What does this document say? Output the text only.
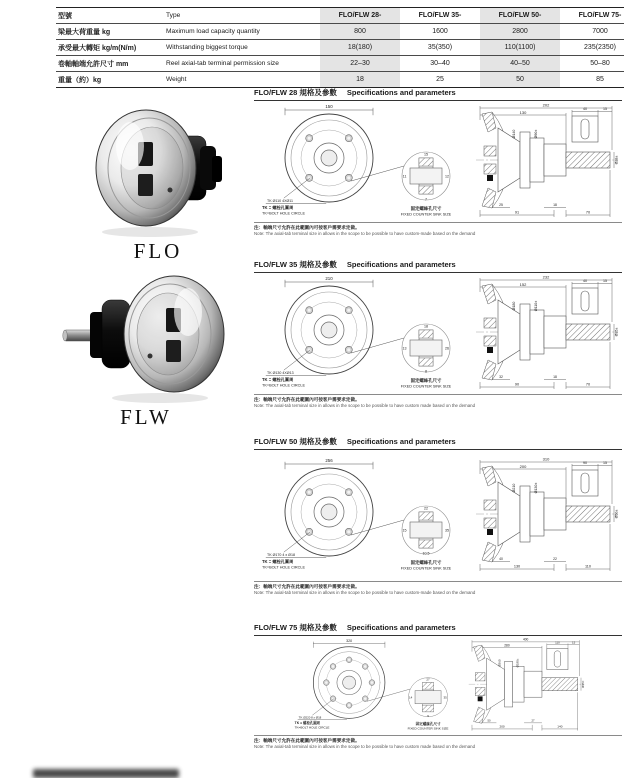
型號	Type	FLO/FLW 28-	FLO/FLW 35-	FLO/FLW 50-	FLO/FLW 75-
梁最大荷重量 kg	Maximum load capacity quantity	800	1600	2800	7000
承受最大轉矩 kg/m(N/m)	Withstanding biggest torque	18(180)	35(350)	110(1100)	235(2350)
卷軸軸端允許尺寸 mm	Reel axial-tab terminal permission size	22–30	30–40	40–50	50–80
重量（約）kg	Weight	18	25	50	85
FLO
FLW
FLO/FLW 28 規格及參數 Specifications and parameters
150
TK Ø110 4XØ11
TK = 螺栓孔圓周
TK=BOLT HOLE CIRCLE
15
11	12
7
固定螺絲孔尺寸
FIXED COUNTER SINK SIZE
202
130
40	15
Ø140	Ø90±
Ø28±
91	70
18
25
注：軸端尺寸允許在此範圍內可按客戶需要求定做。
Note: The axial-tab terminal size in allows in the scope to be possible to have custom-made based on the demand
FLO/FLW 35 規格及參數 Specifications and parameters
210
TK Ø130 4XØ13
TK = 螺栓孔圓周
TK=BOLT HOLE CIRCLE
18
13	26
8
固定螺絲孔尺寸
FIXED COUNTER SINK SIZE
232
152
40	15
Ø180	Ø110±
Ø35±
90	70
18
32
注：軸端尺寸允許在此範圍內可按客戶需要求定做。
Note: The axial-tab terminal size in allows in the scope to be possible to have custom made based on the demand
FLO/FLW 50 規格及參數 Specifications and parameters
256
TK Ø170 4 x Ø18
TK = 螺栓孔圓周
TK=BOLT HOLE CIRCLE
22
15	35
10.5
固定螺絲孔尺寸
FIXED COUNTER SINK SIZE
310
200
90	15
Ø210	Ø130±
Ø50±
130	110
22
40
注：軸端尺寸允許在此範圍內可按客戶需要求定做。
Note: The axial-tab terminal size in allows in the scope to be possible to have custom-made based on the demand
FLO/FLW 75 規格及參數 Specifications and parameters
320
TK Ø220 8 x Ø18
TK = 螺栓孔圓周
TK=BOLT HOLE CIRCLE
27
14	35
9
固定螺絲孔尺寸
FIXED COUNTER SINK SIZE
400
280
110	15
Ø260	Ø180±
Ø75±
200	140
27
50
注：軸端尺寸允許在此範圍內可按客戶需要求定做。
Note: The axial-tab terminal size in allows in the scope to be possible to have custom made based on the demand
